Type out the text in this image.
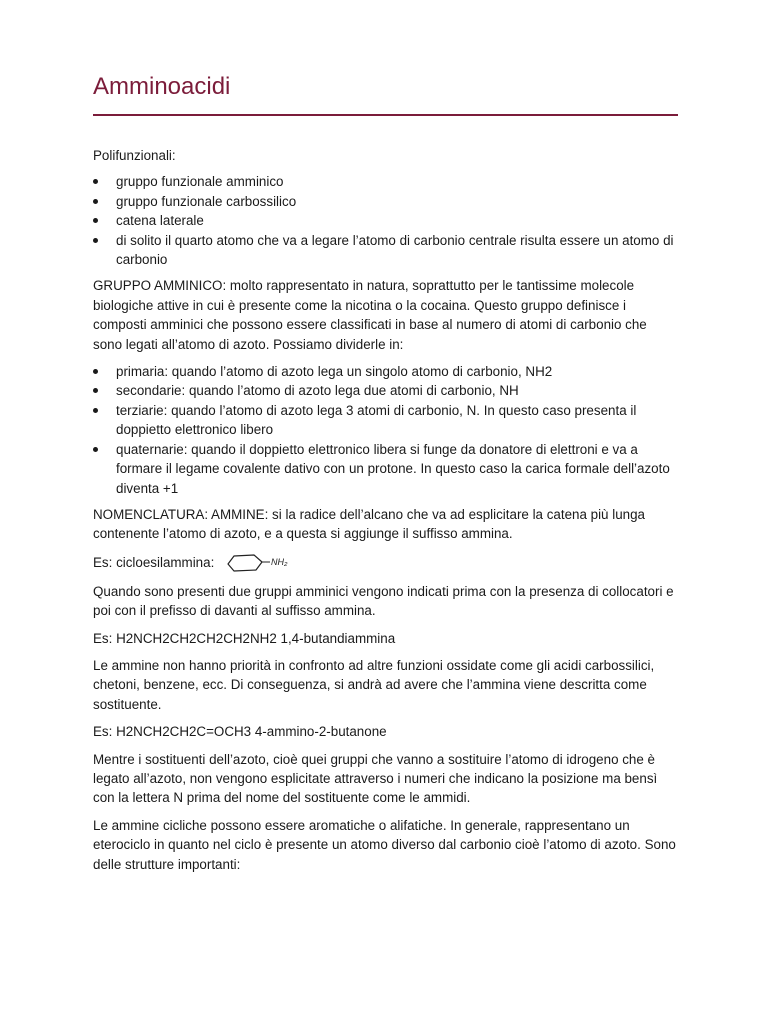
Amminoacidi

Polifunzionali:

gruppo funzionale amminico
gruppo funzionale carbossilico
catena laterale
di solito il quarto atomo che va a legare l’atomo di carbonio centrale risulta essere un atomo di carbonio

GRUPPO AMMINICO: molto rappresentato in natura, soprattutto per le tantissime molecole biologiche attive in cui è presente come la nicotina o la cocaina. Questo gruppo definisce i composti amminici che possono essere classificati in base al numero di atomi di carbonio che sono legati all’atomo di azoto. Possiamo dividerle in:

primaria: quando l’atomo di azoto lega un singolo atomo di carbonio, NH2
secondarie: quando l’atomo di azoto lega due atomi di carbonio, NH
terziarie: quando l’atomo di azoto lega 3 atomi di carbonio, N. In questo caso presenta il doppietto elettronico libero
quaternarie: quando il doppietto elettronico libera si funge da donatore di elettroni e va a formare il legame covalente dativo con un protone. In questo caso la carica formale dell’azoto diventa +1

NOMENCLATURA: AMMINE: si la radice dell’alcano che va ad esplicitare la catena più lunga contenente l’atomo di azoto, e a questa si aggiunge il suffisso ammina.

Es: cicloesilammina:	NH₂

Quando sono presenti due gruppi amminici vengono indicati prima con la presenza di collocatori e poi con il prefisso di davanti al suffisso ammina.

Es: H2NCH2CH2CH2CH2NH2 1,4-butandiammina

Le ammine non hanno priorità in confronto ad altre funzioni ossidate come gli acidi carbossilici, chetoni, benzene, ecc. Di conseguenza, si andrà ad avere che l’ammina viene descritta come sostituente.

Es: H2NCH2CH2C=OCH3 4-ammino-2-butanone

Mentre i sostituenti dell’azoto, cioè quei gruppi che vanno a sostituire l’atomo di idrogeno che è legato all’azoto, non vengono esplicitate attraverso i numeri che indicano la posizione ma bensì con la lettera N prima del nome del sostituente come le ammidi.

Le ammine cicliche possono essere aromatiche o alifatiche. In generale, rappresentano un eterociclo in quanto nel ciclo è presente un atomo diverso dal carbonio cioè l’atomo di azoto. Sono delle strutture importanti:
